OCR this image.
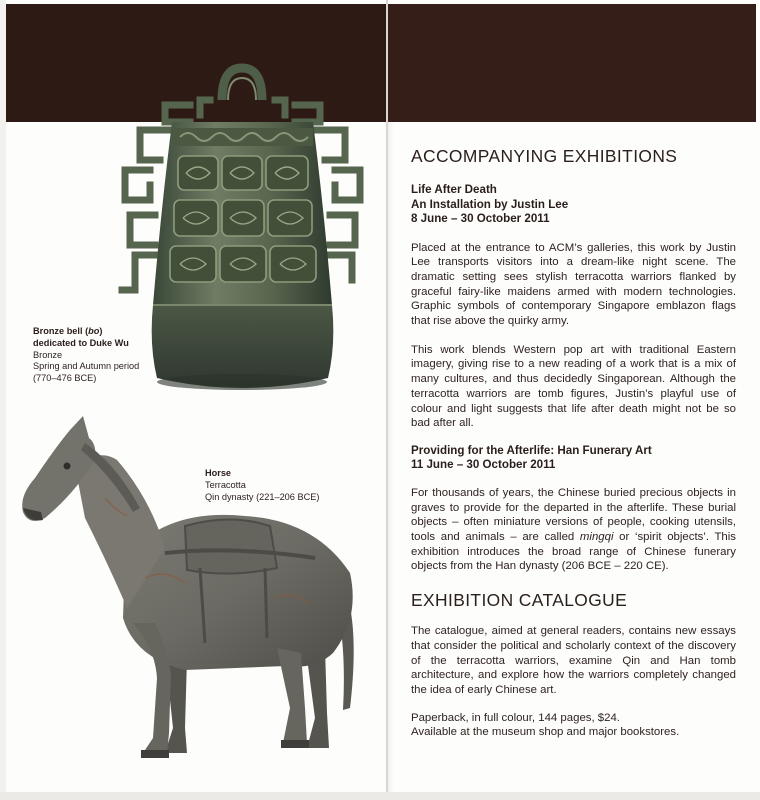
Bronze bell (bo)
dedicated to Duke Wu
Bronze
Spring and Autumn period
(770–476 BCE)
Horse
Terracotta
Qin dynasty (221–206 BCE)
ACCOMPANYING EXHIBITIONS
Life After Death
An Installation by Justin Lee
8 June – 30 October 2011

Placed at the entrance to ACM’s galleries, this work by Justin Lee transports visitors into a dream-like night scene. The dramatic setting sees stylish terracotta warriors flanked by graceful fairy-like maidens armed with modern technologies. Graphic symbols of contemporary Singapore emblazon flags that rise above the quirky army.

This work blends Western pop art with traditional Eastern imagery, giving rise to a new reading of a work that is a mix of many cultures, and thus decidedly Singaporean. Although the terracotta warriors are tomb figures, Justin’s playful use of colour and light suggests that life after death might not be so bad after all.

Providing for the Afterlife: Han Funerary Art
11 June – 30 October 2011

For thousands of years, the Chinese buried precious objects in graves to provide for the departed in the afterlife. These burial objects – often miniature versions of people, cooking utensils, tools and animals – are called mingqi or ‘spirit objects’. This exhibition introduces the broad range of Chinese funerary objects from the Han dynasty (206 BCE – 220 CE).

EXHIBITION CATALOGUE

The catalogue, aimed at general readers, contains new essays that consider the political and scholarly context of the discovery of the terracotta warriors, examine Qin and Han tomb architecture, and explore how the warriors completely changed the idea of early Chinese art.

Paperback, in full colour, 144 pages, $24.
Available at the museum shop and major bookstores.
